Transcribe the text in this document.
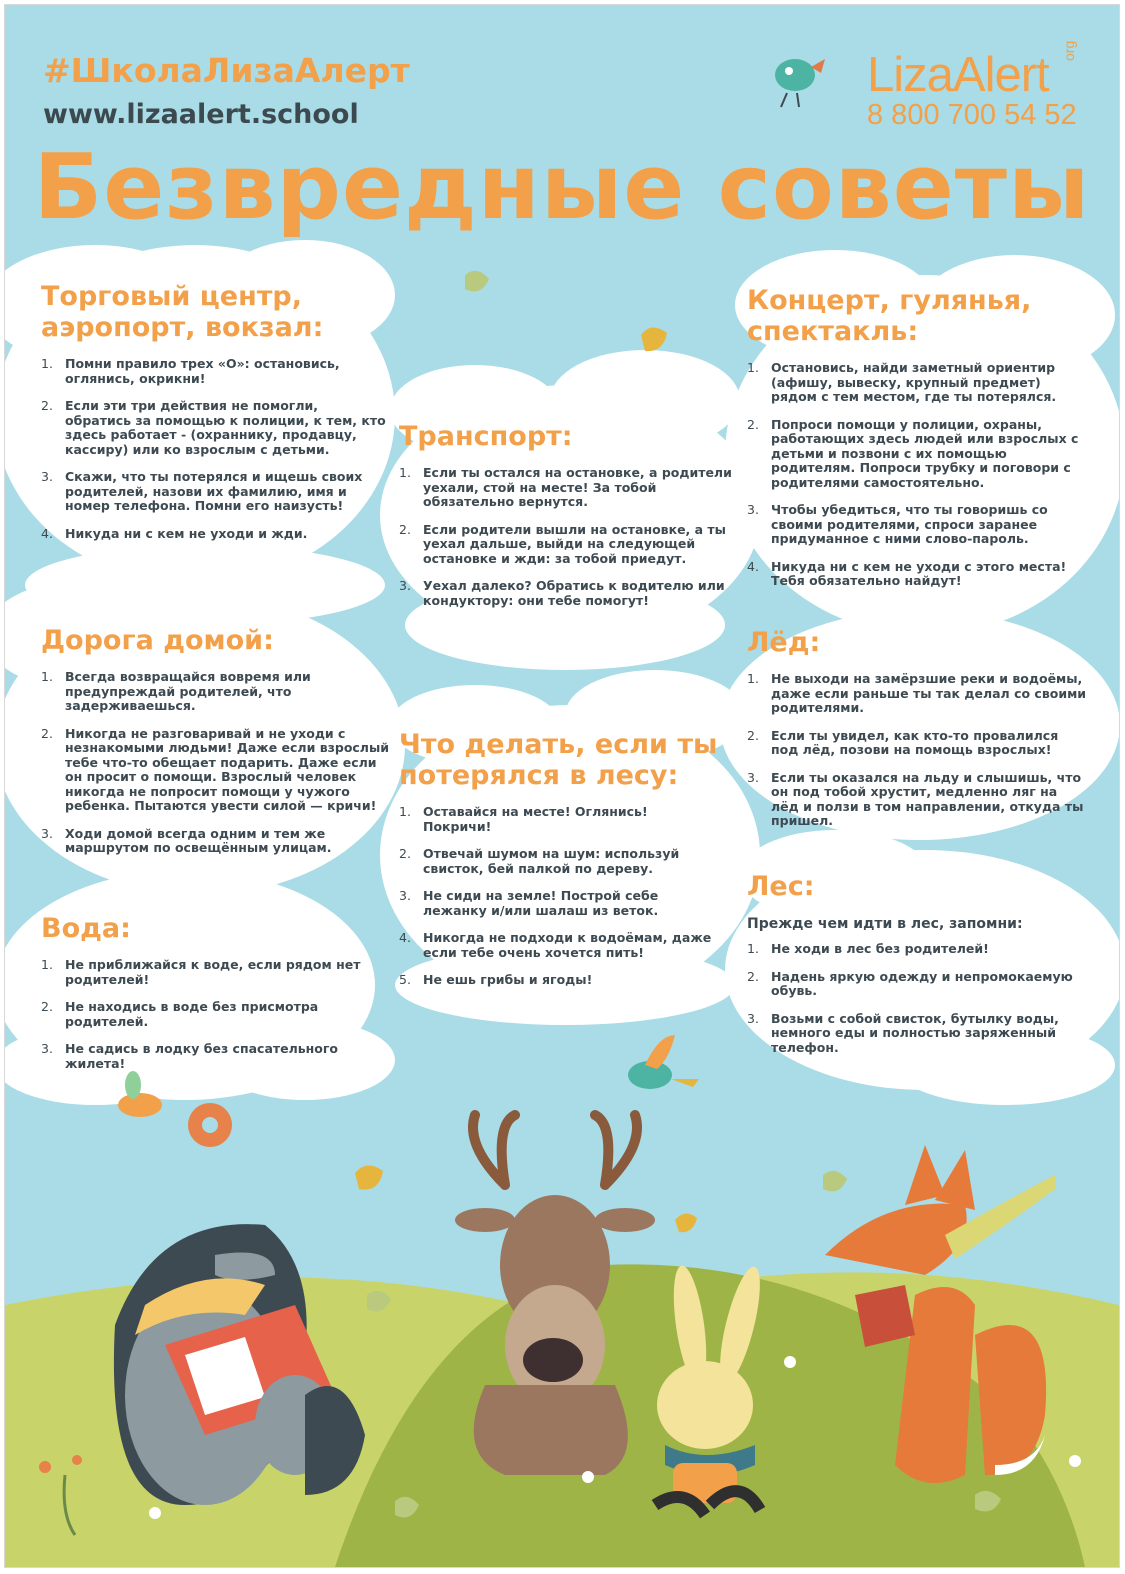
#ШколаЛизаАлерт
www.lizaalert.school
LizaAlert org
8 800 700 54 52
Безвредные советы
Торговый центр, аэропорт, вокзал:
1. Помни правило трех «О»: остановись, оглянись, окрикни!
2. Если эти три действия не помогли, обратись за помощью к полиции, к тем, кто здесь работает - (охраннику, продавцу, кассиру) или ко взрослым с детьми.
3. Скажи, что ты потерялся и ищешь своих родителей, назови их фамилию, имя и номер телефона. Помни его наизусть!
4. Никуда ни с кем не уходи и жди.
Дорога домой:
1. Всегда возвращайся вовремя или предупреждай родителей, что задерживаешься.
2. Никогда не разговаривай и не уходи с незнакомыми людьми! Даже если взрослый тебе что-то обещает подарить. Даже если он просит о помощи. Взрослый человек никогда не попросит помощи у чужого ребенка. Пытаются увести силой — кричи!
3. Ходи домой всегда одним и тем же маршрутом по освещённым улицам.
Вода:
1. Не приближайся к воде, если рядом нет родителей!
2. Не находись в воде без присмотра родителей.
3. Не садись в лодку без спасательного жилета!
Транспорт:
1. Если ты остался на остановке, а родители уехали, стой на месте! За тобой обязательно вернутся.
2. Если родители вышли на остановке, а ты уехал дальше, выйди на следующей остановке и жди: за тобой приедут.
3. Уехал далеко? Обратись к водителю или кондуктору: они тебе помогут!
Что делать, если ты потерялся в лесу:
1. Оставайся на месте! Оглянись! Покричи!
2. Отвечай шумом на шум: используй свисток, бей палкой по дереву.
3. Не сиди на земле! Построй себе лежанку и/или шалаш из веток.
4. Никогда не подходи к водоёмам, даже если тебе очень хочется пить!
5. Не ешь грибы и ягоды!
Концерт, гулянья, спектакль:
1. Остановись, найди заметный ориентир (афишу, вывеску, крупный предмет) рядом с тем местом, где ты потерялся.
2. Попроси помощи у полиции, охраны, работающих здесь людей или взрослых с детьми и позвони с их помощью родителям. Попроси трубку и поговори с родителями самостоятельно.
3. Чтобы убедиться, что ты говоришь со своими родителями, спроси заранее придуманное с ними слово-пароль.
4. Никуда ни с кем не уходи с этого места! Тебя обязательно найдут!
Лёд:
1. Не выходи на замёрзшие реки и водоёмы, даже если раньше ты так делал со своими родителями.
2. Если ты увидел, как кто-то провалился под лёд, позови на помощь взрослых!
3. Если ты оказался на льду и слышишь, что он под тобой хрустит, медленно ляг на лёд и ползи в том направлении, откуда ты пришел.
Лес:

Прежде чем идти в лес, запомни:

1. Не ходи в лес без родителей!
2. Надень яркую одежду и непромокаемую обувь.
3. Возьми с собой свисток, бутылку воды, немного еды и полностью заряженный телефон.
